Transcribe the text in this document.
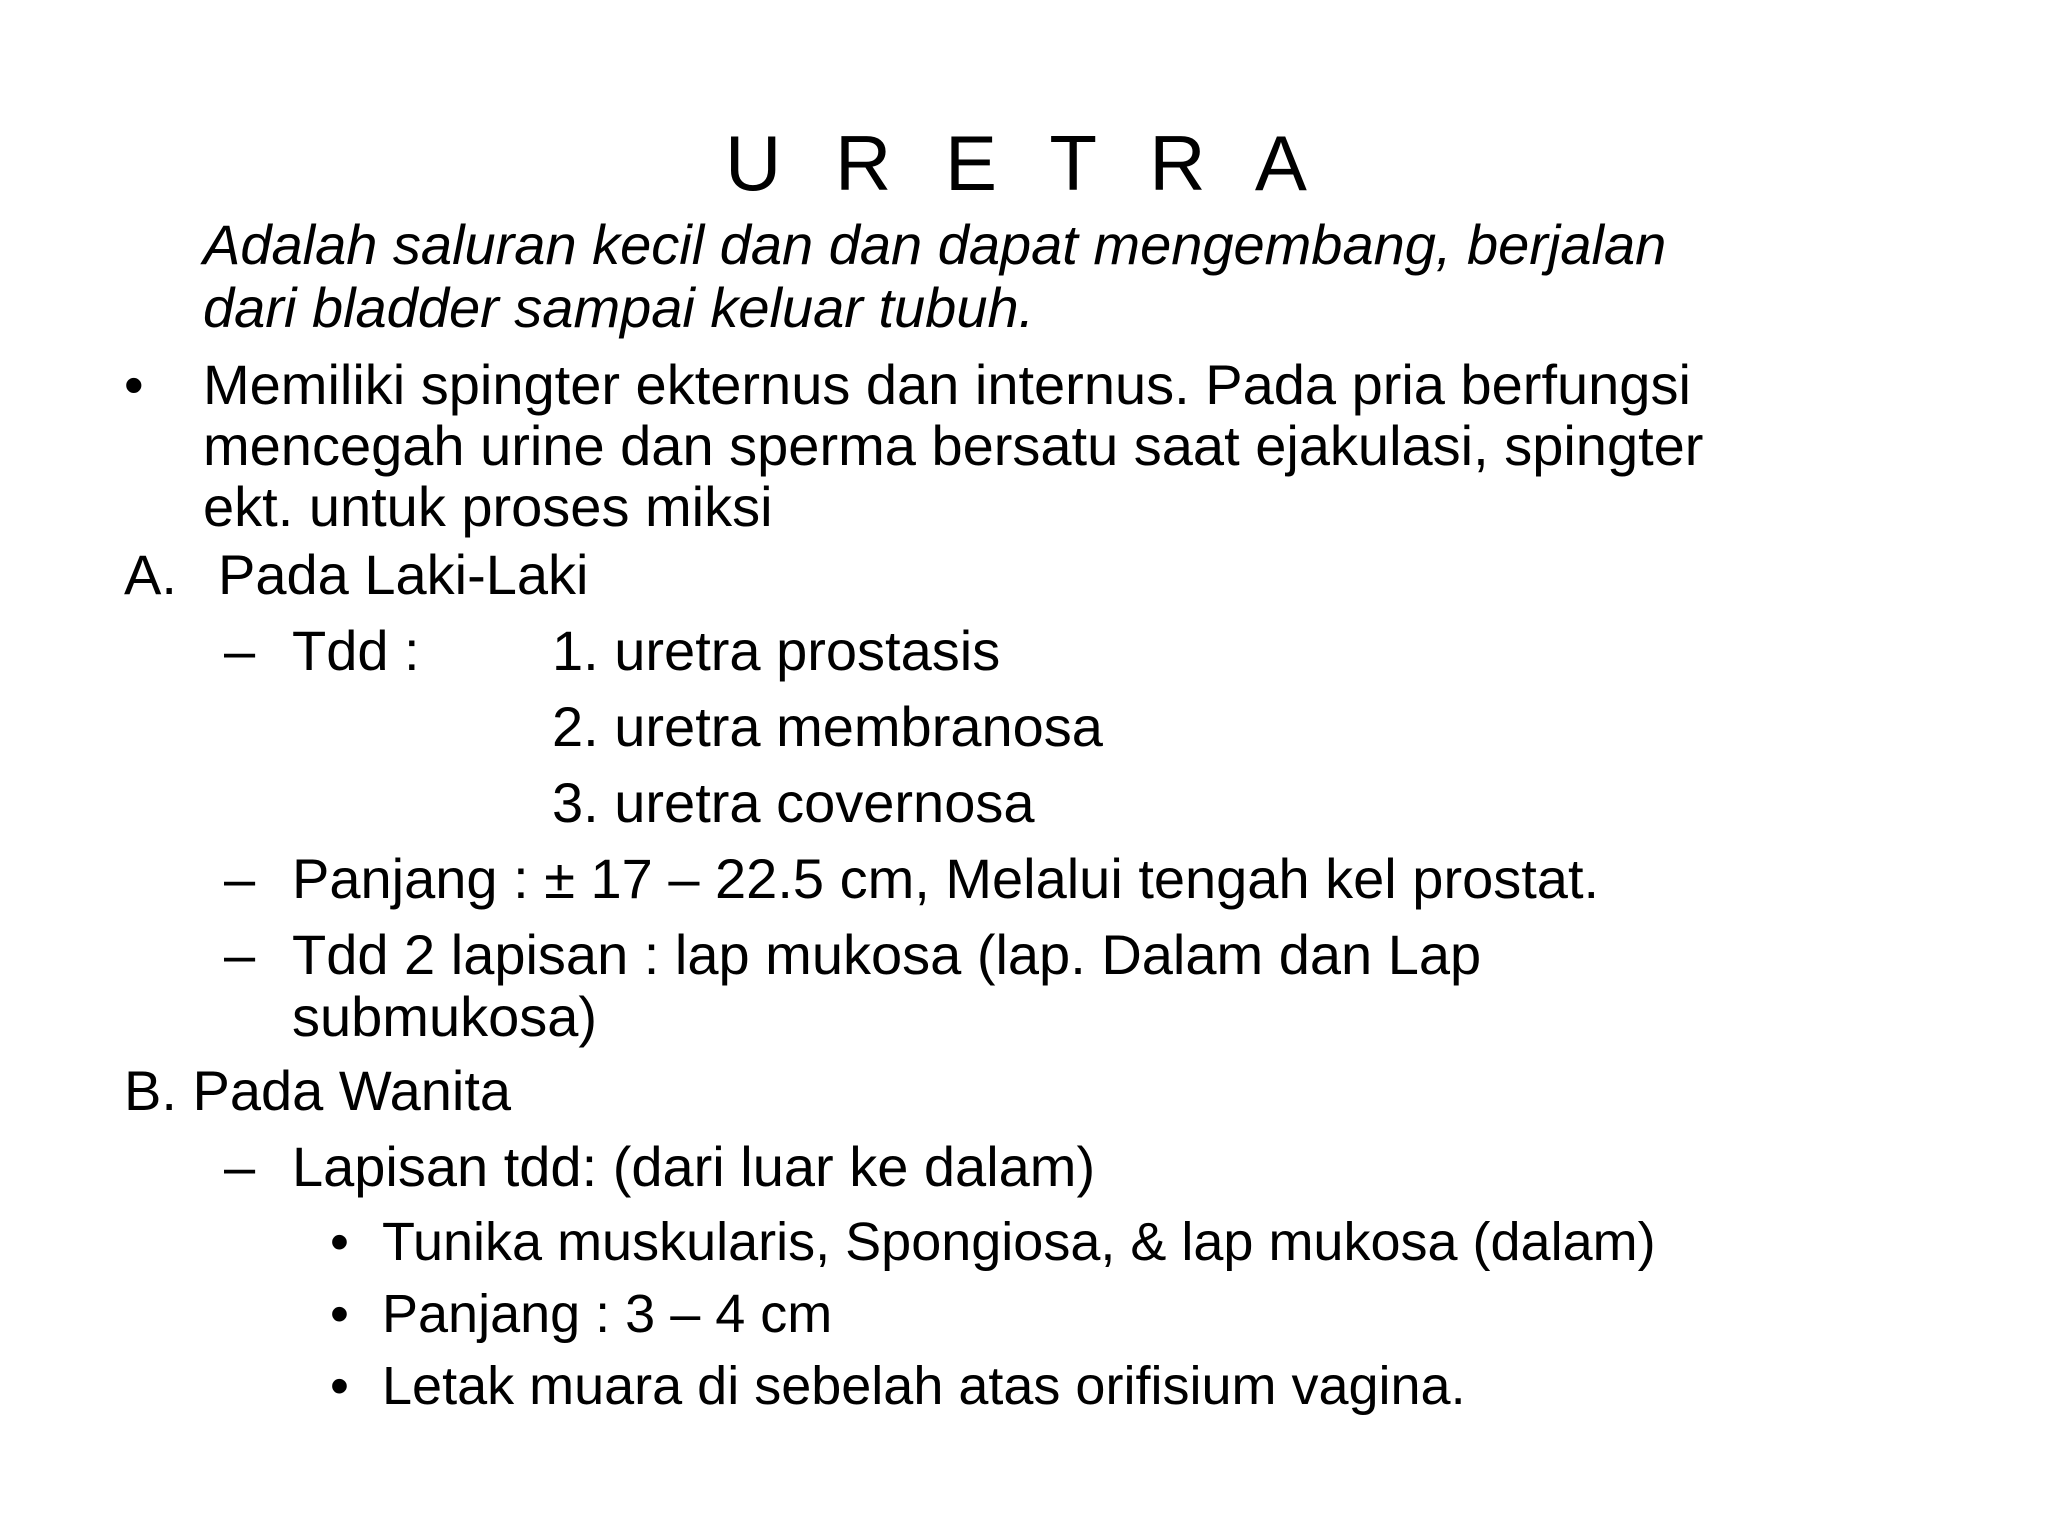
U R E T R A

Adalah saluran kecil dan dan dapat mengembang, berjalan

dari bladder sampai keluar tubuh.

• Memiliki spingter ekternus dan internus. Pada pria berfungsi

mencegah urine dan sperma bersatu saat ejakulasi, spingter

ekt. untuk proses miksi

A. Pada Laki-Laki

– Tdd : 1. uretra prostasis

2. uretra membranosa

3. uretra covernosa

– Panjang : ± 17 – 22.5 cm, Melalui tengah kel prostat.

– Tdd 2 lapisan : lap mukosa (lap. Dalam dan Lap

submukosa)

B. Pada Wanita

– Lapisan tdd: (dari luar ke dalam)

• Tunika muskularis, Spongiosa, & lap mukosa (dalam)

• Panjang : 3 – 4 cm

• Letak muara di sebelah atas orifisium vagina.
